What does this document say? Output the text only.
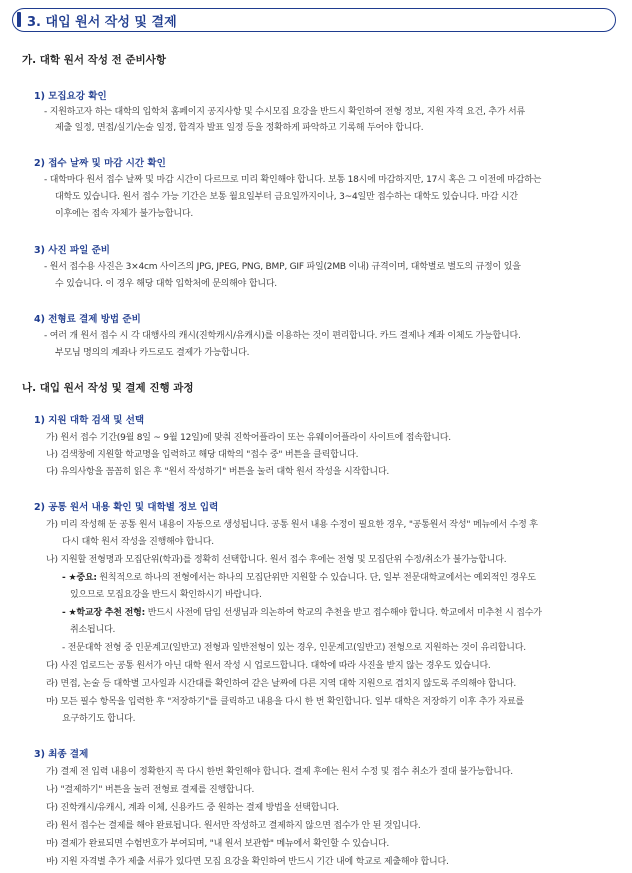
3. 대입 원서 작성 및 결제
가. 대학 원서 작성 전 준비사항
1) 모집요강 확인
- 지원하고자 하는 대학의 입학처 홈페이지 공지사항 및 수시모집 요강을 반드시 확인하여 전형 정보, 지원 자격 요건, 추가 서류
제출 일정, 면접/실기/논술 일정, 합격자 발표 일정 등을 정확하게 파악하고 기록해 두어야 합니다.
2) 접수 날짜 및 마감 시간 확인
- 대학마다 원서 접수 날짜 및 마감 시간이 다르므로 미리 확인해야 합니다. 보통 18시에 마감하지만, 17시 혹은 그 이전에 마감하는
대학도 있습니다. 원서 접수 가능 기간은 보통 월요일부터 금요일까지이나, 3~4일만 접수하는 대학도 있습니다. 마감 시간
이후에는 접속 자체가 불가능합니다.
3) 사진 파일 준비
- 원서 접수용 사진은 3×4cm 사이즈의 JPG, JPEG, PNG, BMP, GIF 파일(2MB 이내) 규격이며, 대학별로 별도의 규정이 있을
수 있습니다. 이 경우 해당 대학 입학처에 문의해야 합니다.
4) 전형료 결제 방법 준비
- 여러 개 원서 접수 시 각 대행사의 캐시(진학캐시/유캐시)를 이용하는 것이 편리합니다. 카드 결제나 계좌 이체도 가능합니다.
부모님 명의의 계좌나 카드로도 결제가 가능합니다.
나. 대입 원서 작성 및 결제 진행 과정
1) 지원 대학 검색 및 선택
가) 원서 접수 기간(9월 8일 ~ 9월 12일)에 맞춰 진학어플라이 또는 유웨이어플라이 사이트에 접속합니다.
나) 검색창에 지원할 학교명을 입력하고 해당 대학의 "접수 중" 버튼을 클릭합니다.
다) 유의사항을 꼼꼼히 읽은 후 "원서 작성하기" 버튼을 눌러 대학 원서 작성을 시작합니다.
2) 공통 원서 내용 확인 및 대학별 정보 입력
가) 미리 작성해 둔 공통 원서 내용이 자동으로 생성됩니다. 공통 원서 내용 수정이 필요한 경우, "공통원서 작성" 메뉴에서 수정 후
다시 대학 원서 작성을 진행해야 합니다.
나) 지원할 전형명과 모집단위(학과)를 정확히 선택합니다. 원서 접수 후에는 전형 및 모집단위 수정/취소가 불가능합니다.
- ★중요: 원칙적으로 하나의 전형에서는 하나의 모집단위만 지원할 수 있습니다. 단, 일부 전문대학교에서는 예외적인 경우도
있으므로 모집요강을 반드시 확인하시기 바랍니다.
- ★학교장 추천 전형: 반드시 사전에 담임 선생님과 의논하여 학교의 추천을 받고 접수해야 합니다. 학교에서 미추천 시 접수가
취소됩니다.
- 전문대학 전형 중 인문계고(일반고) 전형과 일반전형이 있는 경우, 인문계고(일반고) 전형으로 지원하는 것이 유리합니다.
다) 사진 업로드는 공통 원서가 아닌 대학 원서 작성 시 업로드합니다. 대학에 따라 사진을 받지 않는 경우도 있습니다.
라) 면접, 논술 등 대학별 고사일과 시간대를 확인하여 같은 날짜에 다른 지역 대학 지원으로 겹치지 않도록 주의해야 합니다.
마) 모든 필수 항목을 입력한 후 "저장하기"를 클릭하고 내용을 다시 한 번 확인합니다. 일부 대학은 저장하기 이후 추가 자료를
요구하기도 합니다.
3) 최종 결제
가) 결제 전 입력 내용이 정확한지 꼭 다시 한번 확인해야 합니다. 결제 후에는 원서 수정 및 접수 취소가 절대 불가능합니다.
나) "결제하기" 버튼을 눌러 전형료 결제를 진행합니다.
다) 진학캐시/유캐시, 계좌 이체, 신용카드 중 원하는 결제 방법을 선택합니다.
라) 원서 접수는 결제를 해야 완료됩니다. 원서만 작성하고 결제하지 않으면 접수가 안 된 것입니다.
마) 결제가 완료되면 수험번호가 부여되며, "내 원서 보관함" 메뉴에서 확인할 수 있습니다.
바) 지원 자격별 추가 제출 서류가 있다면 모집 요강을 확인하여 반드시 기간 내에 학교로 제출해야 합니다.
